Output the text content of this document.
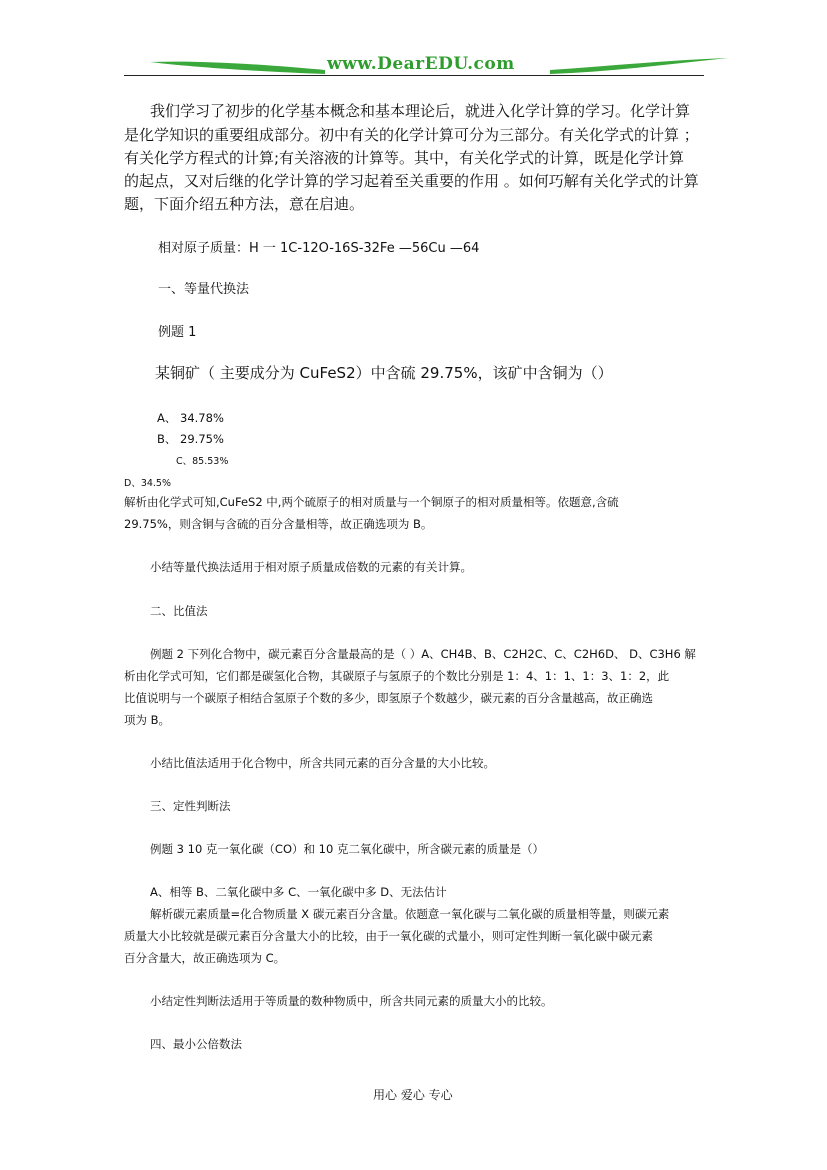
www.DearEDU.com
我们学习了初步的化学基本概念和基本理论后，就进入化学计算的学习。化学计算
是化学知识的重要组成部分。初中有关的化学计算可分为三部分。有关化学式的计算 ；
有关化学方程式的计算;有关溶液的计算等。其中，有关化学式的计算，既是化学计算
的起点，又对后继的化学计算的学习起着至关重要的作用 。如何巧解有关化学式的计算
题，下面介绍五种方法，意在启迪。
相对原子质量：H 一 1C-12O-16S-32Fe —56Cu —64
一、等量代换法
例题 1
某铜矿（ 主要成分为 CuFeS2）中含硫 29.75%，该矿中含铜为（）
A、 34.78%
B、 29.75%
C、85.53%
D、34.5%
解析由化学式可知,CuFeS2 中,两个硫原子的相对质量与一个铜原子的相对质量相等。依题意,含硫
29.75%，则含铜与含硫的百分含量相等，故正确选项为 B。
小结等量代换法适用于相对原子质量成倍数的元素的有关计算。
二、比值法
例题 2 下列化合物中，碳元素百分含量最高的是（ ）A、CH4B、B、C2H2C、C、C2H6D、 D、C3H6 解
析由化学式可知，它们都是碳氢化合物，其碳原子与氢原子的个数比分别是 1：4、1：1、1：3、1：2，此
比值说明与一个碳原子相结合氢原子个数的多少，即氢原子个数越少，碳元素的百分含量越高，故正确选
项为 B。
小结比值法适用于化合物中，所含共同元素的百分含量的大小比较。
三、定性判断法
例题 3 10 克一氧化碳（CO）和 10 克二氧化碳中，所含碳元素的质量是（）
A、相等 B、二氧化碳中多 C、一氧化碳中多 D、无法估计
解析碳元素质量=化合物质量 X 碳元素百分含量。依题意一氧化碳与二氧化碳的质量相等量，则碳元素
质量大小比较就是碳元素百分含量大小的比较，由于一氧化碳的式量小，则可定性判断一氧化碳中碳元素
百分含量大，故正确选项为 C。
小结定性判断法适用于等质量的数种物质中，所含共同元素的质量大小的比较。
四、最小公倍数法
用心 爱心 专心
